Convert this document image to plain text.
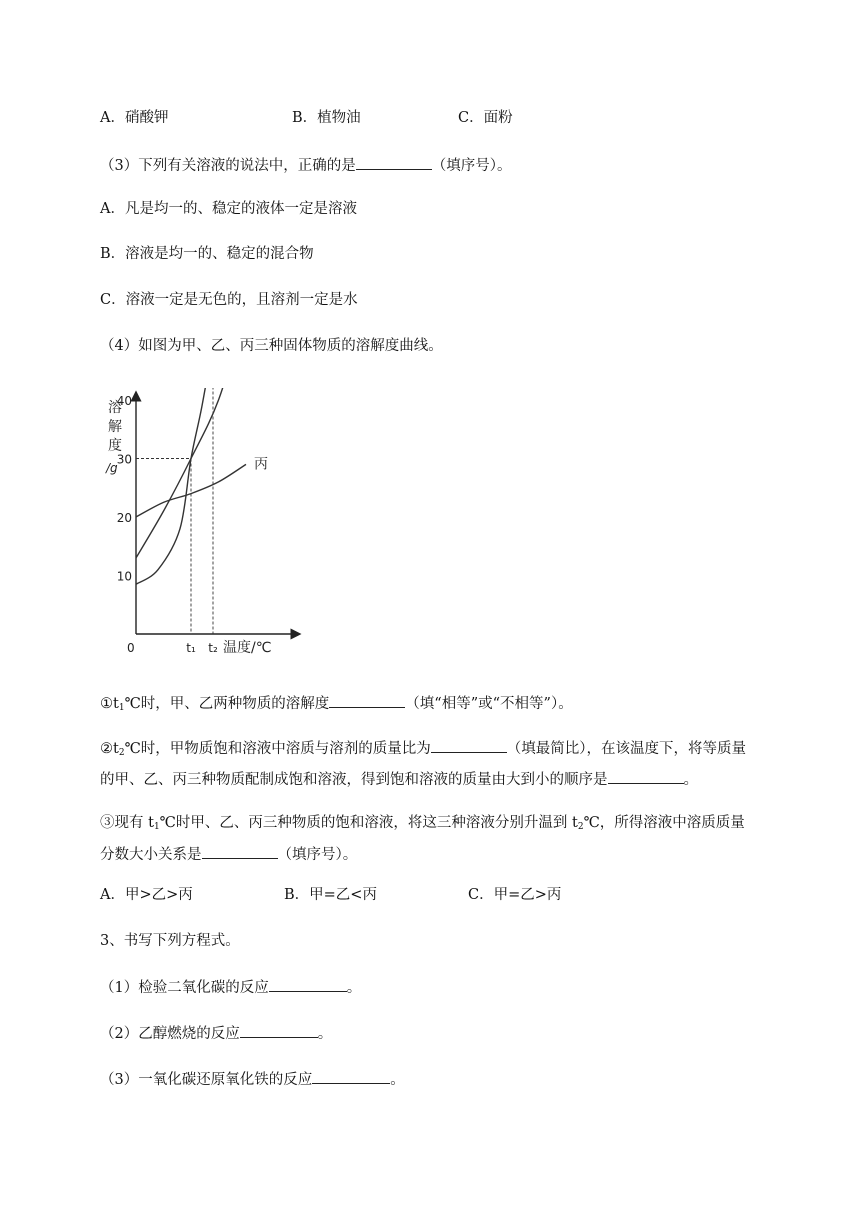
A．硝酸钾	B．植物油	C．面粉
（3）下列有关溶液的说法中，正确的是	（填序号）。
A．凡是均一的、稳定的液体一定是溶液
B．溶液是均一的、稳定的混合物
C．溶液一定是无色的，且溶剂一定是水
（4）如图为甲、乙、丙三种固体物质的溶解度曲线。
溶
解
度
/g
10
20
30
40
0	t₁ t₂ 温度/℃
丙
$①t_1℃$时，甲、乙两种物质的溶解度	（填“相等”或“不相等”）。
$②t_2℃$时，甲物质饱和溶液中溶质与溶剂的质量比为	（填最简比），在该温度下，将等质量
的甲、乙、丙三种物质配制成饱和溶液，得到饱和溶液的质量由大到小的顺序是	。
③现有 $t_1℃$时甲、乙、丙三种物质的饱和溶液，将这三种溶液分别升温到 $t_2℃$，所得溶液中溶质质量
分数大小关系是	（填序号）。
A．甲>乙>丙	B．甲=乙<丙	C．甲=乙>丙
3、书写下列方程式。
（1）检验二氧化碳的反应	。
（2）乙醇燃烧的反应	。
（3）一氧化碳还原氧化铁的反应	。
